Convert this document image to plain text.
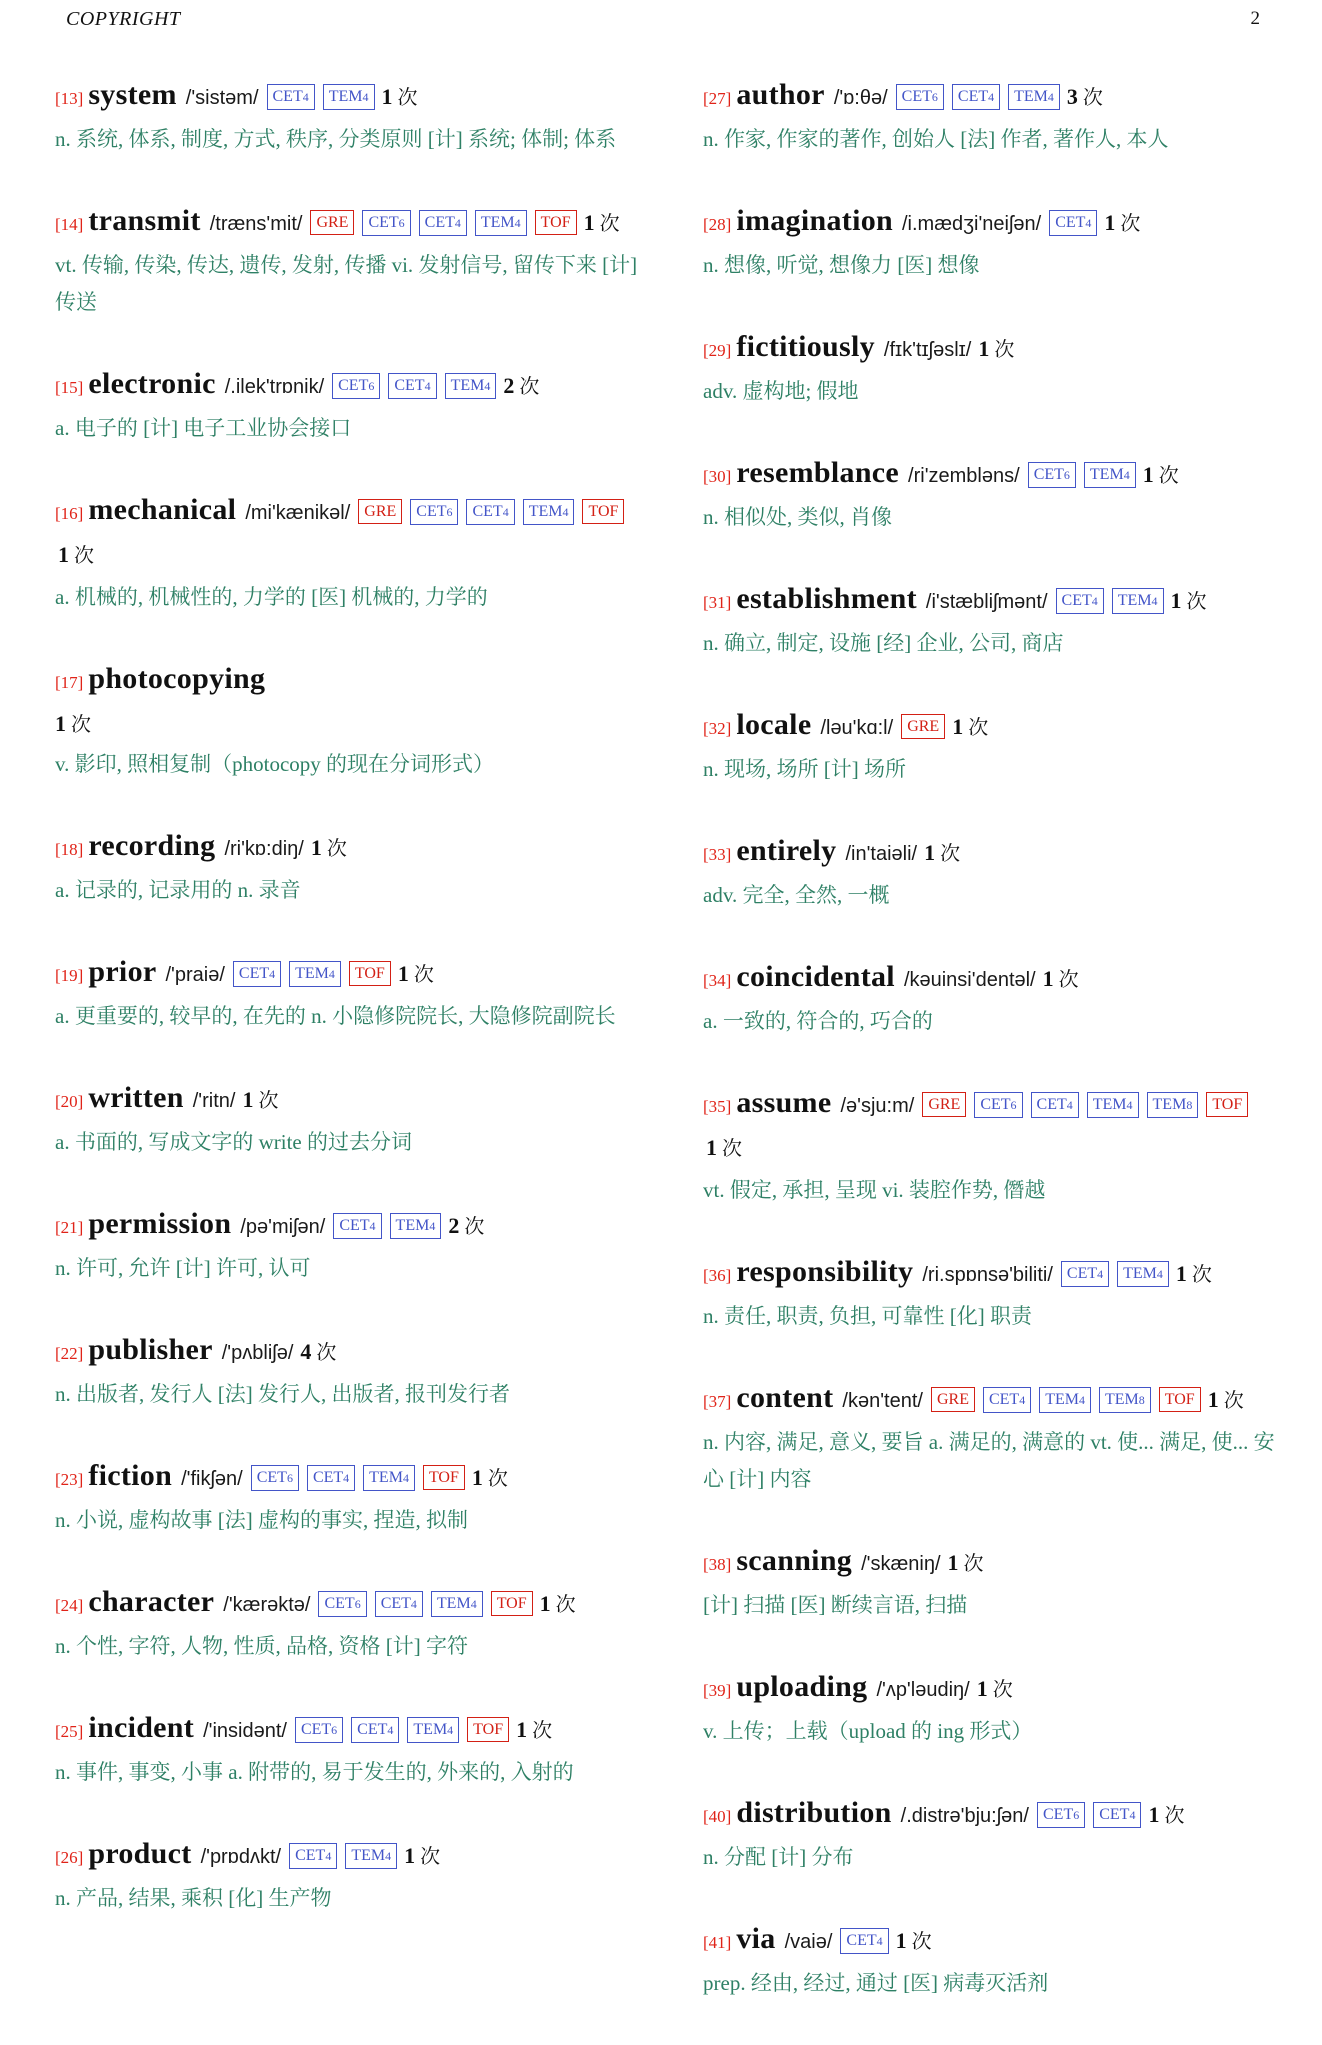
COPYRIGHT	2
[13] system /'sistəm/ CET4 TEM4 1 次
n. 系统, 体系, 制度, 方式, 秩序, 分类原则 [计] 系统; 体制; 体系
[14] transmit /træns'mit/ GRE CET6 CET4 TEM4 TOF 1 次
vt. 传输, 传染, 传达, 遗传, 发射, 传播 vi. 发射信号, 留传下来 [计] 传送
[15] electronic /.ilek'trɒnik/ CET6 CET4 TEM4 2 次
a. 电子的 [计] 电子工业协会接口
[16] mechanical /mi'kænikəl/ GRE CET6 CET4 TEM4 TOF1 次
a. 机械的, 机械性的, 力学的 [医] 机械的, 力学的
[17] photocopying
1 次
v. 影印, 照相复制（photocopy 的现在分词形式）
[18] recording /ri'kɒ:diŋ/ 1 次
a. 记录的, 记录用的 n. 录音
[19] prior /'praiə/ CET4 TEM4 TOF 1 次
a. 更重要的, 较早的, 在先的 n. 小隐修院院长, 大隐修院副院长
[20] written /'ritn/ 1 次
a. 书面的, 写成文字的 write 的过去分词
[21] permission /pə'miʃən/ CET4 TEM4 2 次
n. 许可, 允许 [计] 许可, 认可
[22] publisher /'pʌbliʃə/ 4 次
n. 出版者, 发行人 [法] 发行人, 出版者, 报刊发行者
[23] fiction /'fikʃən/ CET6 CET4 TEM4 TOF 1 次
n. 小说, 虚构故事 [法] 虚构的事实, 捏造, 拟制
[24] character /'kærəktə/ CET6 CET4 TEM4 TOF 1 次
n. 个性, 字符, 人物, 性质, 品格, 资格 [计] 字符
[25] incident /'insidənt/ CET6 CET4 TEM4 TOF 1 次
n. 事件, 事变, 小事 a. 附带的, 易于发生的, 外来的, 入射的
[26] product /'prɒdʌkt/ CET4 TEM4 1 次
n. 产品, 结果, 乘积 [化] 生产物
[27] author /'ɒ:θə/ CET6 CET4 TEM4 3 次
n. 作家, 作家的著作, 创始人 [法] 作者, 著作人, 本人
[28] imagination /i.mædʒi'neiʃən/ CET4 1 次
n. 想像, 听觉, 想像力 [医] 想像
[29] fictitiously /fɪk'tɪʃəslɪ/ 1 次
adv. 虚构地; 假地
[30] resemblance /ri'zembləns/ CET6 TEM4 1 次
n. 相似处, 类似, 肖像
[31] establishment /i'stæbliʃmənt/ CET4 TEM4 1 次
n. 确立, 制定, 设施 [经] 企业, 公司, 商店
[32] locale /ləu'kɑ:l/ GRE 1 次
n. 现场, 场所 [计] 场所
[33] entirely /in'taiəli/ 1 次
adv. 完全, 全然, 一概
[34] coincidental /kəuinsi'dentəl/ 1 次
a. 一致的, 符合的, 巧合的
[35] assume /ə'sju:m/ GRE CET6 CET4 TEM4 TEM8 TOF1 次
vt. 假定, 承担, 呈现 vi. 装腔作势, 僭越
[36] responsibility /ri.spɒnsə'biliti/ CET4 TEM4 1 次
n. 责任, 职责, 负担, 可靠性 [化] 职责
[37] content /kən'tent/ GRE CET4 TEM4 TEM8 TOF 1 次
n. 内容, 满足, 意义, 要旨 a. 满足的, 满意的 vt. 使... 满足, 使... 安心 [计] 内容
[38] scanning /'skæniŋ/ 1 次
[计] 扫描 [医] 断续言语, 扫描
[39] uploading /'ʌp'ləudiŋ/ 1 次
v. 上传；上载（upload 的 ing 形式）
[40] distribution /.distrə'bju:ʃən/ CET6 CET4 1 次
n. 分配 [计] 分布
[41] via /vaiə/ CET4 1 次
prep. 经由, 经过, 通过 [医] 病毒灭活剂
